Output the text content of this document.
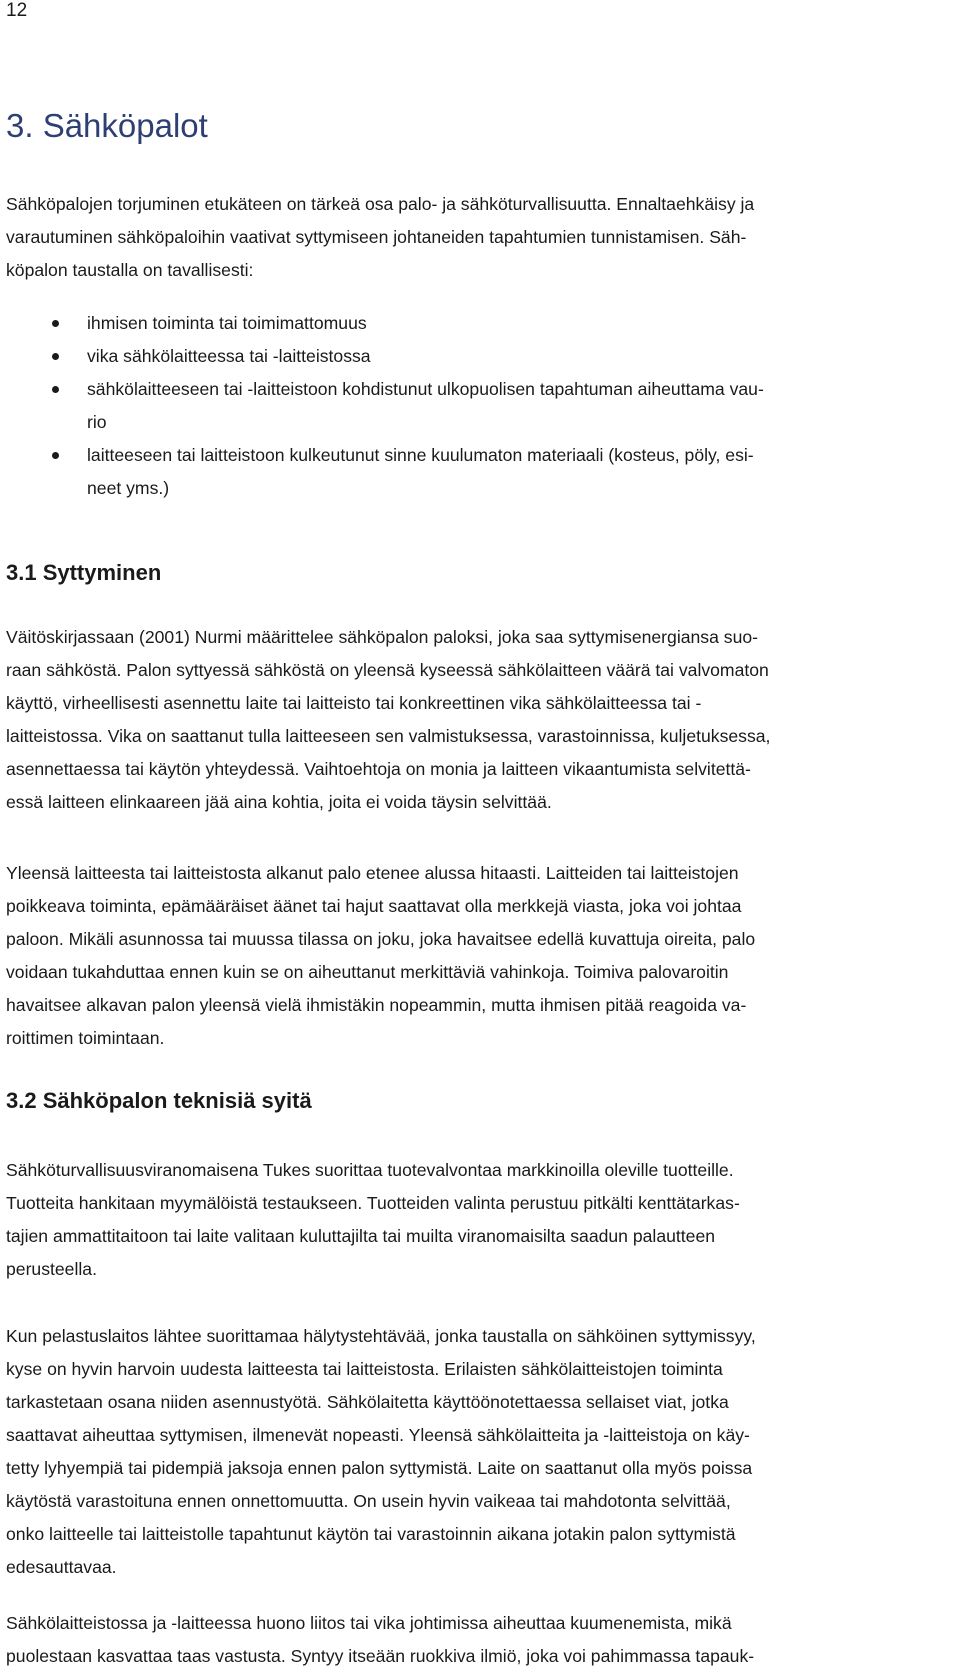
12
3. Sähköpalot

Sähköpalojen torjuminen etukäteen on tärkeä osa palo- ja sähköturvallisuutta. Ennaltaehkäisy ja
varautuminen sähköpaloihin vaativat syttymiseen johtaneiden tapahtumien tunnistamisen. Säh-
köpalon taustalla on tavallisesti:

ihmisen toiminta tai toimimattomuus
vika sähkölaitteessa tai -laitteistossa
sähkölaitteeseen tai -laitteistoon kohdistunut ulkopuolisen tapahtuman aiheuttama vau-
rio
laitteeseen tai laitteistoon kulkeutunut sinne kuulumaton materiaali (kosteus, pöly, esi-
neet yms.)
3.1 Syttyminen

Väitöskirjassaan (2001) Nurmi määrittelee sähköpalon paloksi, joka saa syttymisenergiansa suo-
raan sähköstä. Palon syttyessä sähköstä on yleensä kyseessä sähkölaitteen väärä tai valvomaton
käyttö, virheellisesti asennettu laite tai laitteisto tai konkreettinen vika sähkölaitteessa tai -
laitteistossa. Vika on saattanut tulla laitteeseen sen valmistuksessa, varastoinnissa, kuljetuksessa,
asennettaessa tai käytön yhteydessä. Vaihtoehtoja on monia ja laitteen vikaantumista selvitettä-
essä laitteen elinkaareen jää aina kohtia, joita ei voida täysin selvittää.

Yleensä laitteesta tai laitteistosta alkanut palo etenee alussa hitaasti. Laitteiden tai laitteistojen
poikkeava toiminta, epämääräiset äänet tai hajut saattavat olla merkkejä viasta, joka voi johtaa
paloon. Mikäli asunnossa tai muussa tilassa on joku, joka havaitsee edellä kuvattuja oireita, palo
voidaan tukahduttaa ennen kuin se on aiheuttanut merkittäviä vahinkoja. Toimiva palovaroitin
havaitsee alkavan palon yleensä vielä ihmistäkin nopeammin, mutta ihmisen pitää reagoida va-
roittimen toimintaan.

3.2 Sähköpalon teknisiä syitä

Sähköturvallisuusviranomaisena Tukes suorittaa tuotevalvontaa markkinoilla oleville tuotteille.
Tuotteita hankitaan myymälöistä testaukseen. Tuotteiden valinta perustuu pitkälti kenttätarkas-
tajien ammattitaitoon tai laite valitaan kuluttajilta tai muilta viranomaisilta saadun palautteen
perusteella.

Kun pelastuslaitos lähtee suorittamaa hälytystehtävää, jonka taustalla on sähköinen syttymissyy,
kyse on hyvin harvoin uudesta laitteesta tai laitteistosta. Erilaisten sähkölaitteistojen toiminta
tarkastetaan osana niiden asennustyötä. Sähkölaitetta käyttöönotettaessa sellaiset viat, jotka
saattavat aiheuttaa syttymisen, ilmenevät nopeasti. Yleensä sähkölaitteita ja -laitteistoja on käy-
tetty lyhyempiä tai pidempiä jaksoja ennen palon syttymistä. Laite on saattanut olla myös poissa
käytöstä varastoituna ennen onnettomuutta. On usein hyvin vaikeaa tai mahdotonta selvittää,
onko laitteelle tai laitteistolle tapahtunut käytön tai varastoinnin aikana jotakin palon syttymistä
edesauttavaa.

Sähkölaitteistossa ja -laitteessa huono liitos tai vika johtimissa aiheuttaa kuumenemista, mikä
puolestaan kasvattaa taas vastusta. Syntyy itseään ruokkiva ilmiö, joka voi pahimmassa tapauk-
